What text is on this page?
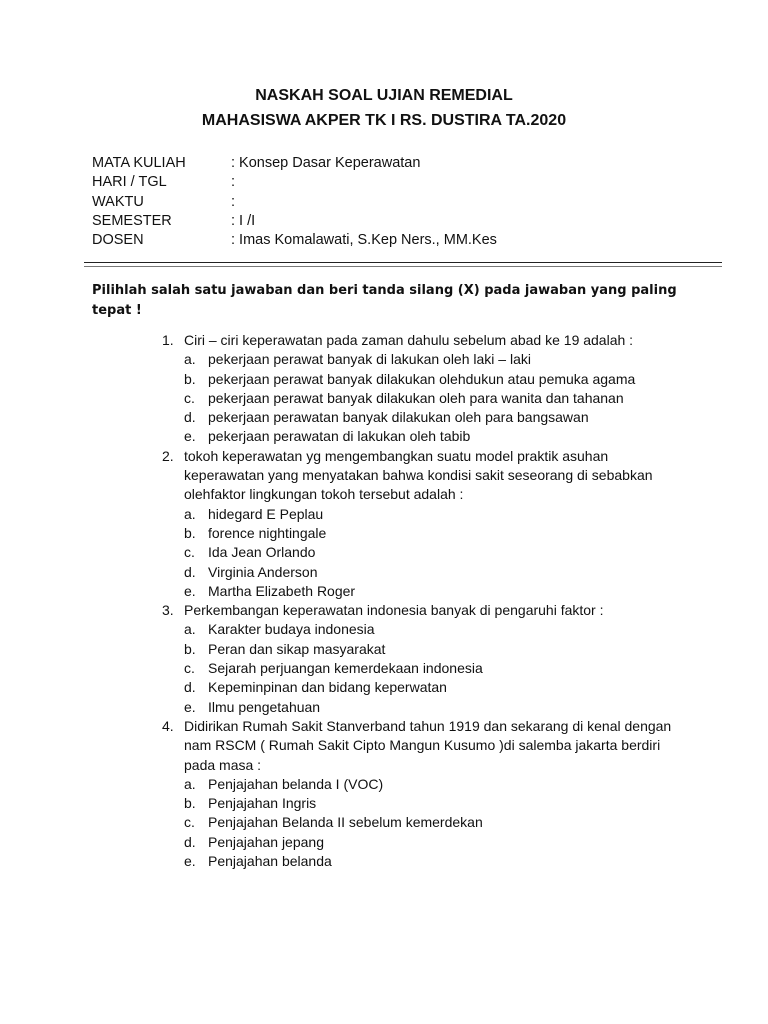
NASKAH SOAL UJIAN REMEDIAL
MAHASISWA AKPER TK I RS. DUSTIRA TA.2020
MATA KULIAH	: Konsep Dasar Keperawatan
HARI / TGL	:
WAKTU	:
SEMESTER	: I /I
DOSEN	: Imas Komalawati, S.Kep Ners., MM.Kes
Pilihlah salah satu jawaban dan beri tanda silang (X) pada jawaban yang paling tepat !
1. Ciri – ciri keperawatan pada zaman dahulu sebelum abad ke 19 adalah :
a. pekerjaan perawat banyak di lakukan oleh laki – laki
b. pekerjaan perawat banyak dilakukan olehdukun atau pemuka agama
c. pekerjaan perawat banyak dilakukan oleh para wanita dan tahanan
d. pekerjaan perawatan banyak dilakukan oleh para bangsawan
e. pekerjaan perawatan di lakukan oleh tabib
2. tokoh keperawatan yg mengembangkan suatu model praktik asuhan keperawatan yang menyatakan bahwa kondisi sakit seseorang di sebabkan olehfaktor lingkungan tokoh tersebut adalah :
a. hidegard E Peplau
b. forence nightingale
c. Ida Jean Orlando
d. Virginia Anderson
e. Martha Elizabeth Roger
3. Perkembangan keperawatan indonesia banyak di pengaruhi faktor :
a. Karakter budaya indonesia
b. Peran dan sikap masyarakat
c. Sejarah perjuangan kemerdekaan indonesia
d. Kepeminpinan dan bidang keperwatan
e. Ilmu pengetahuan
4. Didirikan Rumah Sakit Stanverband tahun 1919 dan sekarang di kenal dengan nam RSCM ( Rumah Sakit Cipto Mangun Kusumo )di salemba jakarta berdiri pada masa :
a. Penjajahan belanda I (VOC)
b. Penjajahan Ingris
c. Penjajahan Belanda II sebelum kemerdekan
d. Penjajahan jepang
e. Penjajahan belanda
